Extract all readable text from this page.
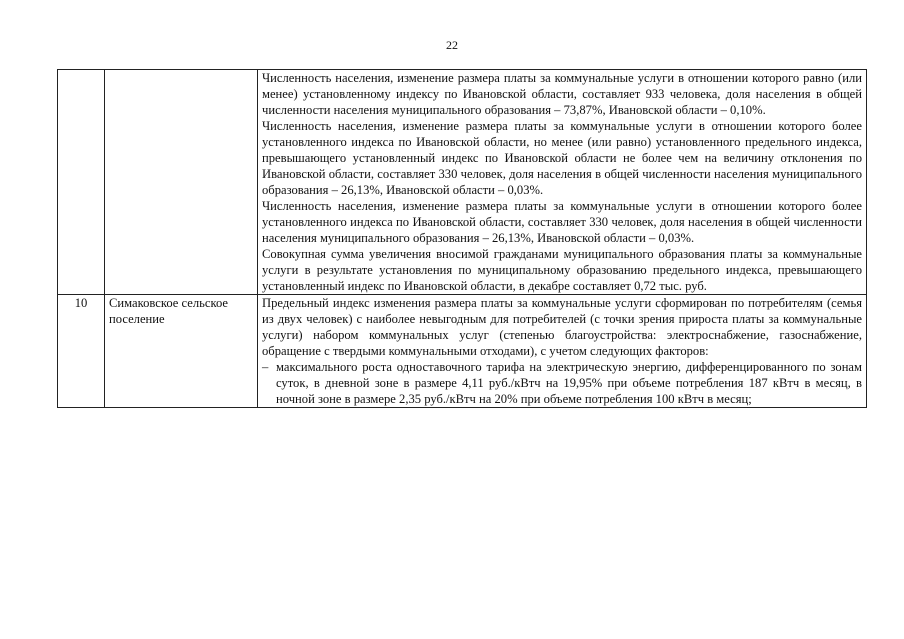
22

		Численность населения, изменение размера платы за коммунальные услуги в отношении которого равно (или менее) установленному индексу по Ивановской области, составляет 933 человека, доля населения в общей численности населения муниципального образования – 73,87%, Ивановской области – 0,10%.

Численность населения, изменение размера платы за коммунальные услуги в отношении которого более установленного индекса по Ивановской области, но менее (или равно) установленного предельного индекса, превышающего установленный индекс по Ивановской области не более чем на величину отклонения по Ивановской области, составляет 330 человек, доля населения в общей численности населения муниципального образования – 26,13%, Ивановской области – 0,03%.

Численность населения, изменение размера платы за коммунальные услуги в отношении которого более установленного индекса по Ивановской области, составляет 330 человек, доля населения в общей численности населения муниципального образования – 26,13%, Ивановской области – 0,03%.

Совокупная сумма увеличения вносимой гражданами муниципального образования платы за коммунальные услуги в результате установления по муниципальному образованию предельного индекса, превышающего установленный индекс по Ивановской области, в декабре составляет 0,72 тыс. руб.

10	Симаковское сельское поселение	Предельный индекс изменения размера платы за коммунальные услуги сформирован по потребителям (семья из двух человек) с наиболее невыгодным для потребителей (с точки зрения прироста платы за коммунальные услуги) набором коммунальных услуг (степенью благоустройства: электроснабжение, газоснабжение, обращение с твердыми коммунальными отходами), с учетом следующих факторов:

– максимального роста одноставочного тарифа на электрическую энергию, дифференцированного по зонам суток, в дневной зоне в размере 4,11 руб./кВтч на 19,95% при объеме потребления 187 кВтч в месяц, в ночной зоне в размере 2,35 руб./кВтч на 20% при объеме потребления 100 кВтч в месяц;
